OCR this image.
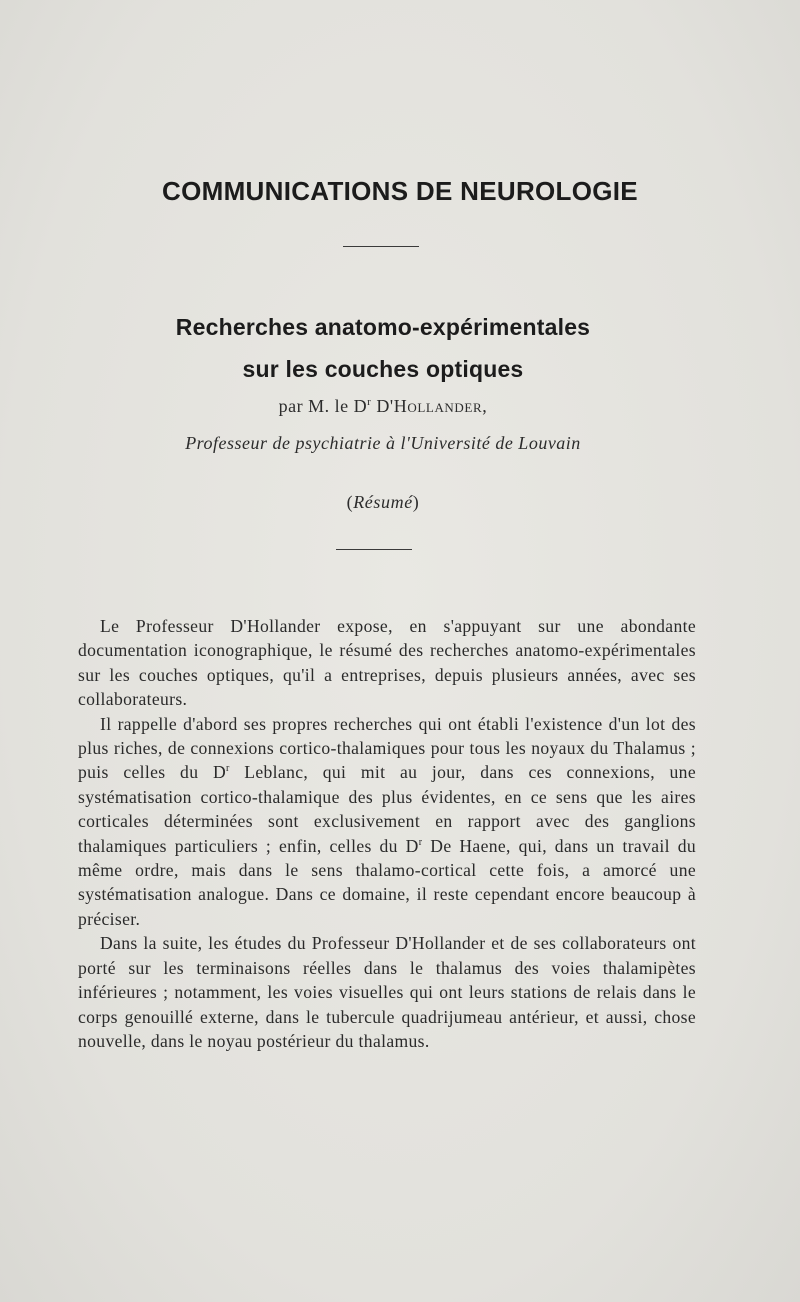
COMMUNICATIONS DE NEUROLOGIE
Recherches anatomo-expérimentales
sur les couches optiques
par M. le $D^r$ D'Hollander,
Professeur de psychiatrie à l'Université de Louvain
(Résumé)

Le Professeur D'Hollander expose, en s'appuyant sur une abondante documentation iconographique, le résumé des recherches anatomo-expérimentales sur les couches optiques, qu'il a entreprises, depuis plusieurs années, avec ses collaborateurs.

Il rappelle d'abord ses propres recherches qui ont établi l'existence d'un lot des plus riches, de connexions cortico-thalamiques pour tous les noyaux du Thalamus ; puis celles du $D^r$ Leblanc, qui mit au jour, dans ces connexions, une systématisation cortico-thalamique des plus évidentes, en ce sens que les aires corticales déterminées sont exclusivement en rapport avec des ganglions thalamiques particuliers ; enfin, celles du $D^r$ De Haene, qui, dans un travail du même ordre, mais dans le sens thalamo-cortical cette fois, a amorcé une systématisation analogue. Dans ce domaine, il reste cependant encore beaucoup à préciser.

Dans la suite, les études du Professeur D'Hollander et de ses collaborateurs ont porté sur les terminaisons réelles dans le thalamus des voies thalamipètes inférieures ; notamment, les voies visuelles qui ont leurs stations de relais dans le corps genouillé externe, dans le tubercule quadrijumeau antérieur, et aussi, chose nouvelle, dans le noyau postérieur du thalamus.
